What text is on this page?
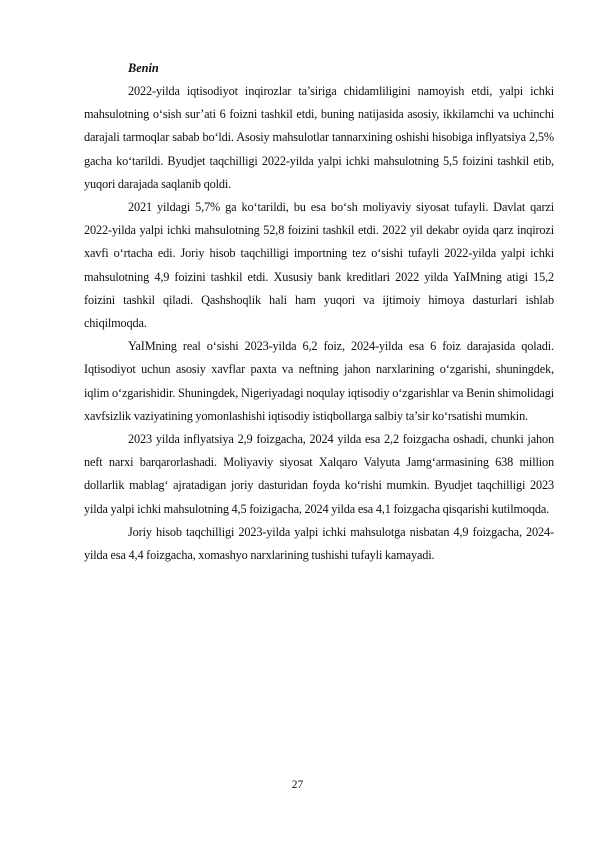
Benin

2022-yilda iqtisodiyot inqirozlar ta’siriga chidamliligini namoyish etdi, yalpi ichki mahsulotning o‘sish sur’ati 6 foizni tashkil etdi, buning natijasida asosiy, ikkilamchi va uchinchi darajali tarmoqlar sabab bo‘ldi. Asosiy mahsulotlar tannarxining oshishi hisobiga inflyatsiya 2,5% gacha ko‘tarildi. Byudjet taqchilligi 2022-yilda yalpi ichki mahsulotning 5,5 foizini tashkil etib, yuqori darajada saqlanib qoldi.

2021 yildagi 5,7% ga ko‘tarildi, bu esa bo‘sh moliyaviy siyosat tufayli. Davlat qarzi 2022-yilda yalpi ichki mahsulotning 52,8 foizini tashkil etdi. 2022 yil dekabr oyida qarz inqirozi xavfi o‘rtacha edi. Joriy hisob taqchilligi importning tez o‘sishi tufayli 2022-yilda yalpi ichki mahsulotning 4,9 foizini tashkil etdi. Xususiy bank kreditlari 2022 yilda YaIMning atigi 15,2 foizini tashkil qiladi. Qashshoqlik hali ham yuqori va ijtimoiy himoya dasturlari ishlab chiqilmoqda.

YaIMning real o‘sishi 2023-yilda 6,2 foiz, 2024-yilda esa 6 foiz darajasida qoladi. Iqtisodiyot uchun asosiy xavflar paxta va neftning jahon narxlarining o‘zgarishi, shuningdek, iqlim o‘zgarishidir. Shuningdek, Nigeriyadagi noqulay iqtisodiy o‘zgarishlar va Benin shimolidagi xavfsizlik vaziyatining yomonlashishi iqtisodiy istiqbollarga salbiy ta’sir ko‘rsatishi mumkin.

2023 yilda inflyatsiya 2,9 foizgacha, 2024 yilda esa 2,2 foizgacha oshadi, chunki jahon neft narxi barqarorlashadi. Moliyaviy siyosat Xalqaro Valyuta Jamg‘armasining 638 million dollarlik mablag‘ ajratadigan joriy dasturidan foyda ko‘rishi mumkin. Byudjet taqchilligi 2023 yilda yalpi ichki mahsulotning 4,5 foizigacha, 2024 yilda esa 4,1 foizgacha qisqarishi kutilmoqda.

Joriy hisob taqchilligi 2023-yilda yalpi ichki mahsulotga nisbatan 4,9 foizgacha, 2024-yilda esa 4,4 foizgacha, xomashyo narxlarining tushishi tufayli kamayadi.

27
